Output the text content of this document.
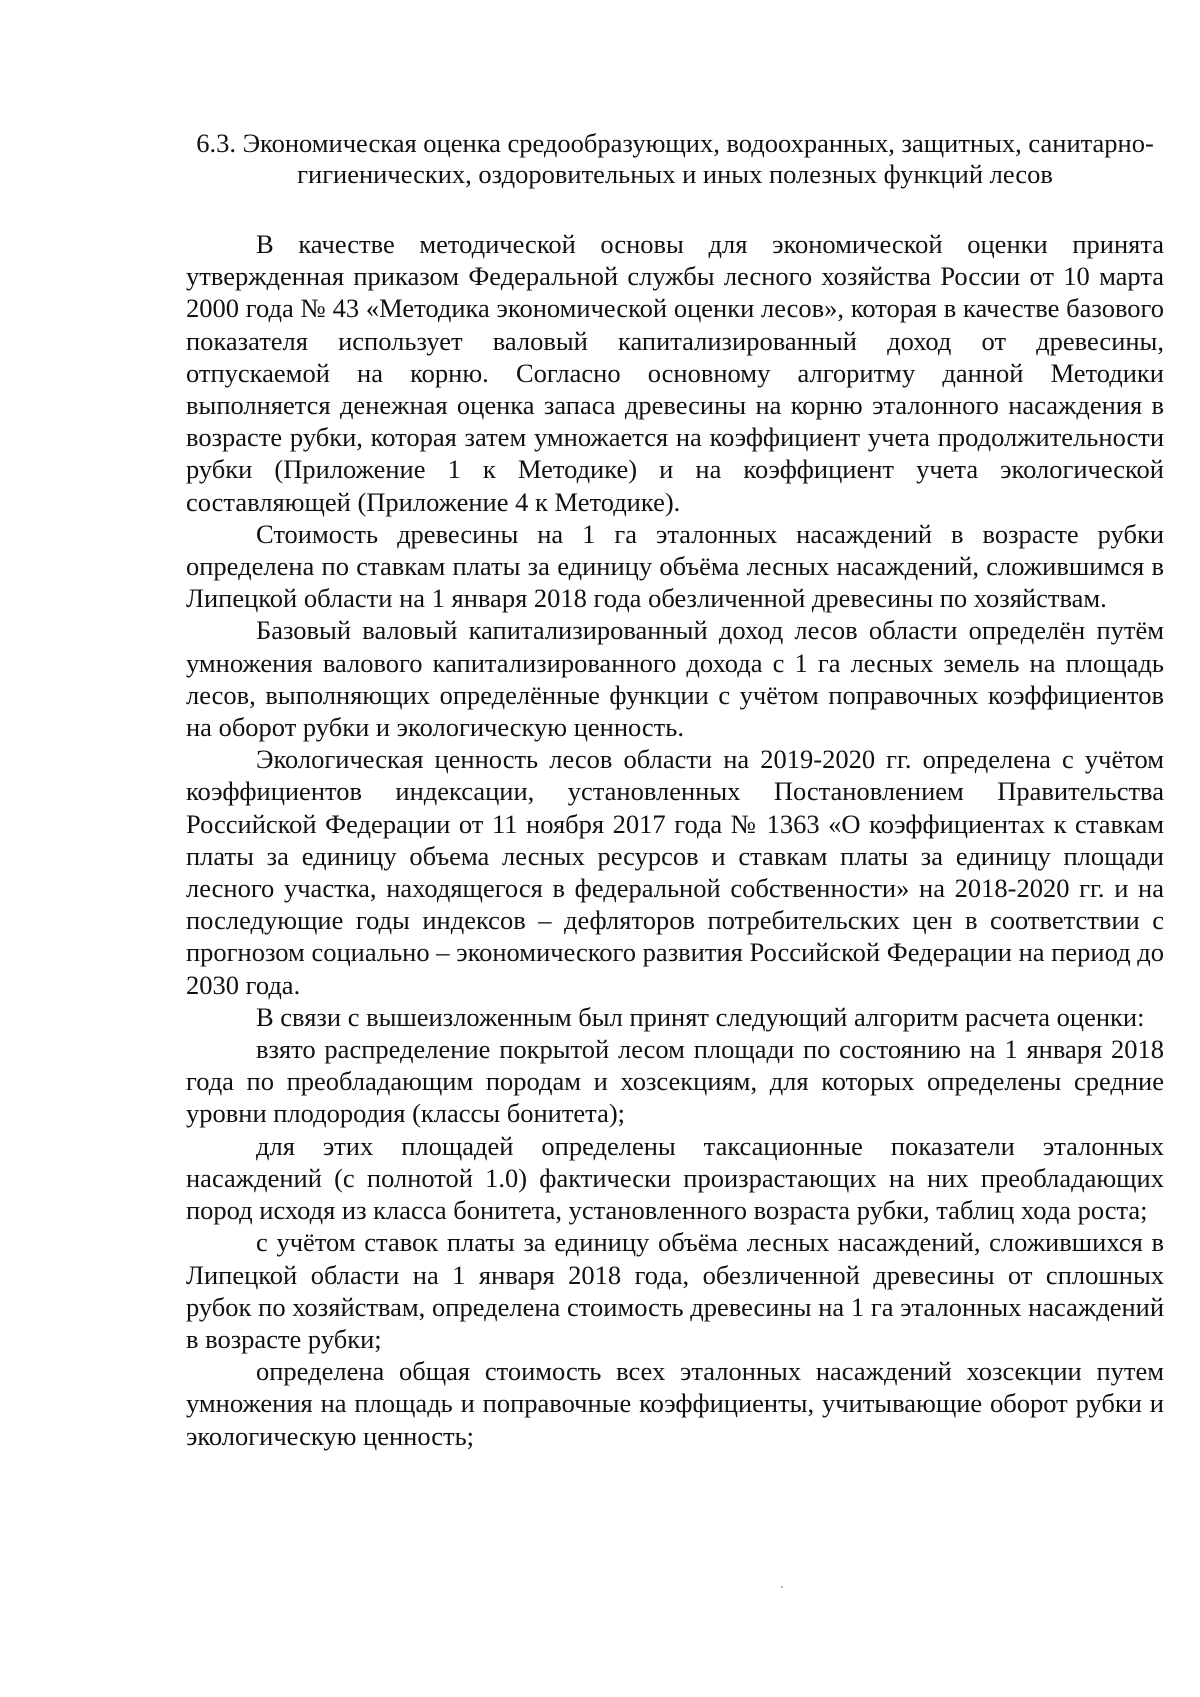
6.3. Экономическая оценка средообразующих, водоохранных, защитных, санитарно-гигиенических, оздоровительных и иных полезных функций лесов

В качестве методической основы для экономической оценки принята утвержденная приказом Федеральной службы лесного хозяйства России от 10 марта 2000 года № 43 «Методика экономической оценки лесов», которая в качестве базового показателя использует валовый капитализированный доход от древесины, отпускаемой на корню. Согласно основному алгоритму данной Методики выполняется денежная оценка запаса древесины на корню эталонного насаждения в возрасте рубки, которая затем умножается на коэффициент учета продолжительности рубки (Приложение 1 к Методике) и на коэффициент учета экологической составляющей (Приложение 4 к Методике).

Стоимость древесины на 1 га эталонных насаждений в возрасте рубки определена по ставкам платы за единицу объёма лесных насаждений, сложившимся в Липецкой области на 1 января 2018 года обезличенной древесины по хозяйствам.

Базовый валовый капитализированный доход лесов области определён путём умножения валового капитализированного дохода с 1 га лесных земель на площадь лесов, выполняющих определённые функции с учётом поправочных коэффициентов на оборот рубки и экологическую ценность.

Экологическая ценность лесов области на 2019-2020 гг. определена с учётом коэффициентов индексации, установленных Постановлением Правительства Российской Федерации от 11 ноября 2017 года № 1363 «О коэффициентах к ставкам платы за единицу объема лесных ресурсов и ставкам платы за единицу площади лесного участка, находящегося в федеральной собственности» на 2018-2020 гг. и на последующие годы индексов – дефляторов потребительских цен в соответствии с прогнозом социально – экономического развития Российской Федерации на период до 2030 года.

В связи с вышеизложенным был принят следующий алгоритм расчета оценки:

взято распределение покрытой лесом площади по состоянию на 1 января 2018 года по преобладающим породам и хозсекциям, для которых определены средние уровни плодородия (классы бонитета);

для этих площадей определены таксационные показатели эталонных насаждений (с полнотой 1.0) фактически произрастающих на них преобладающих пород исходя из класса бонитета, установленного возраста рубки, таблиц хода роста;

с учётом ставок платы за единицу объёма лесных насаждений, сложившихся в Липецкой области на 1 января 2018 года, обезличенной древесины от сплошных рубок по хозяйствам, определена стоимость древесины на 1 га эталонных насаждений в возрасте рубки;

определена общая стоимость всех эталонных насаждений хозсекции путем умножения на площадь и поправочные коэффициенты, учитывающие оборот рубки и экологическую ценность;
